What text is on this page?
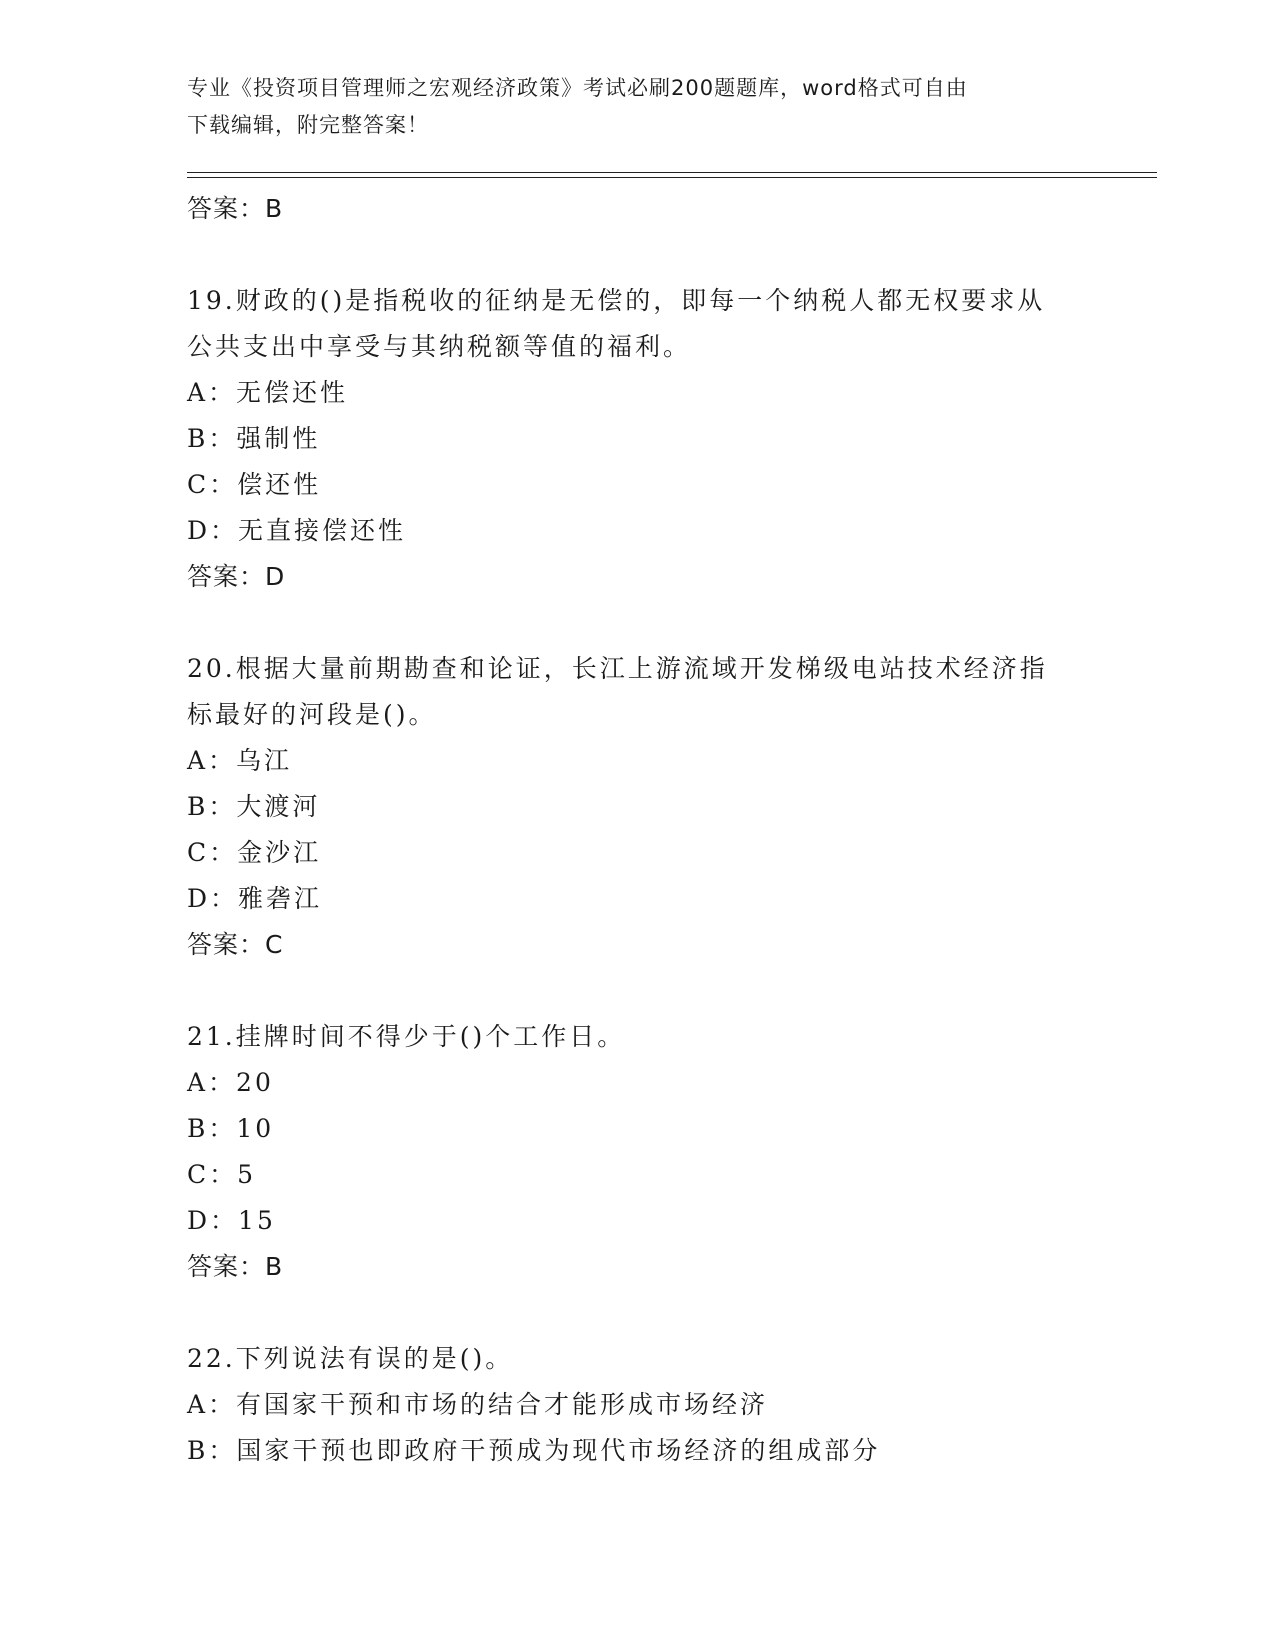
专业《投资项目管理师之宏观经济政策》考试必刷200题题库，word格式可自由
下载编辑，附完整答案！
答案：B
19.财政的()是指税收的征纳是无偿的，即每一个纳税人都无权要求从
公共支出中享受与其纳税额等值的福利。
A：无偿还性
B：强制性
C：偿还性
D：无直接偿还性
答案：D
20.根据大量前期勘查和论证，长江上游流域开发梯级电站技术经济指
标最好的河段是()。
A：乌江
B：大渡河
C：金沙江
D：雅砻江
答案：C
21.挂牌时间不得少于()个工作日。
A：20
B：10
C：5
D：15
答案：B
22.下列说法有误的是()。
A：有国家干预和市场的结合才能形成市场经济
B：国家干预也即政府干预成为现代市场经济的组成部分
